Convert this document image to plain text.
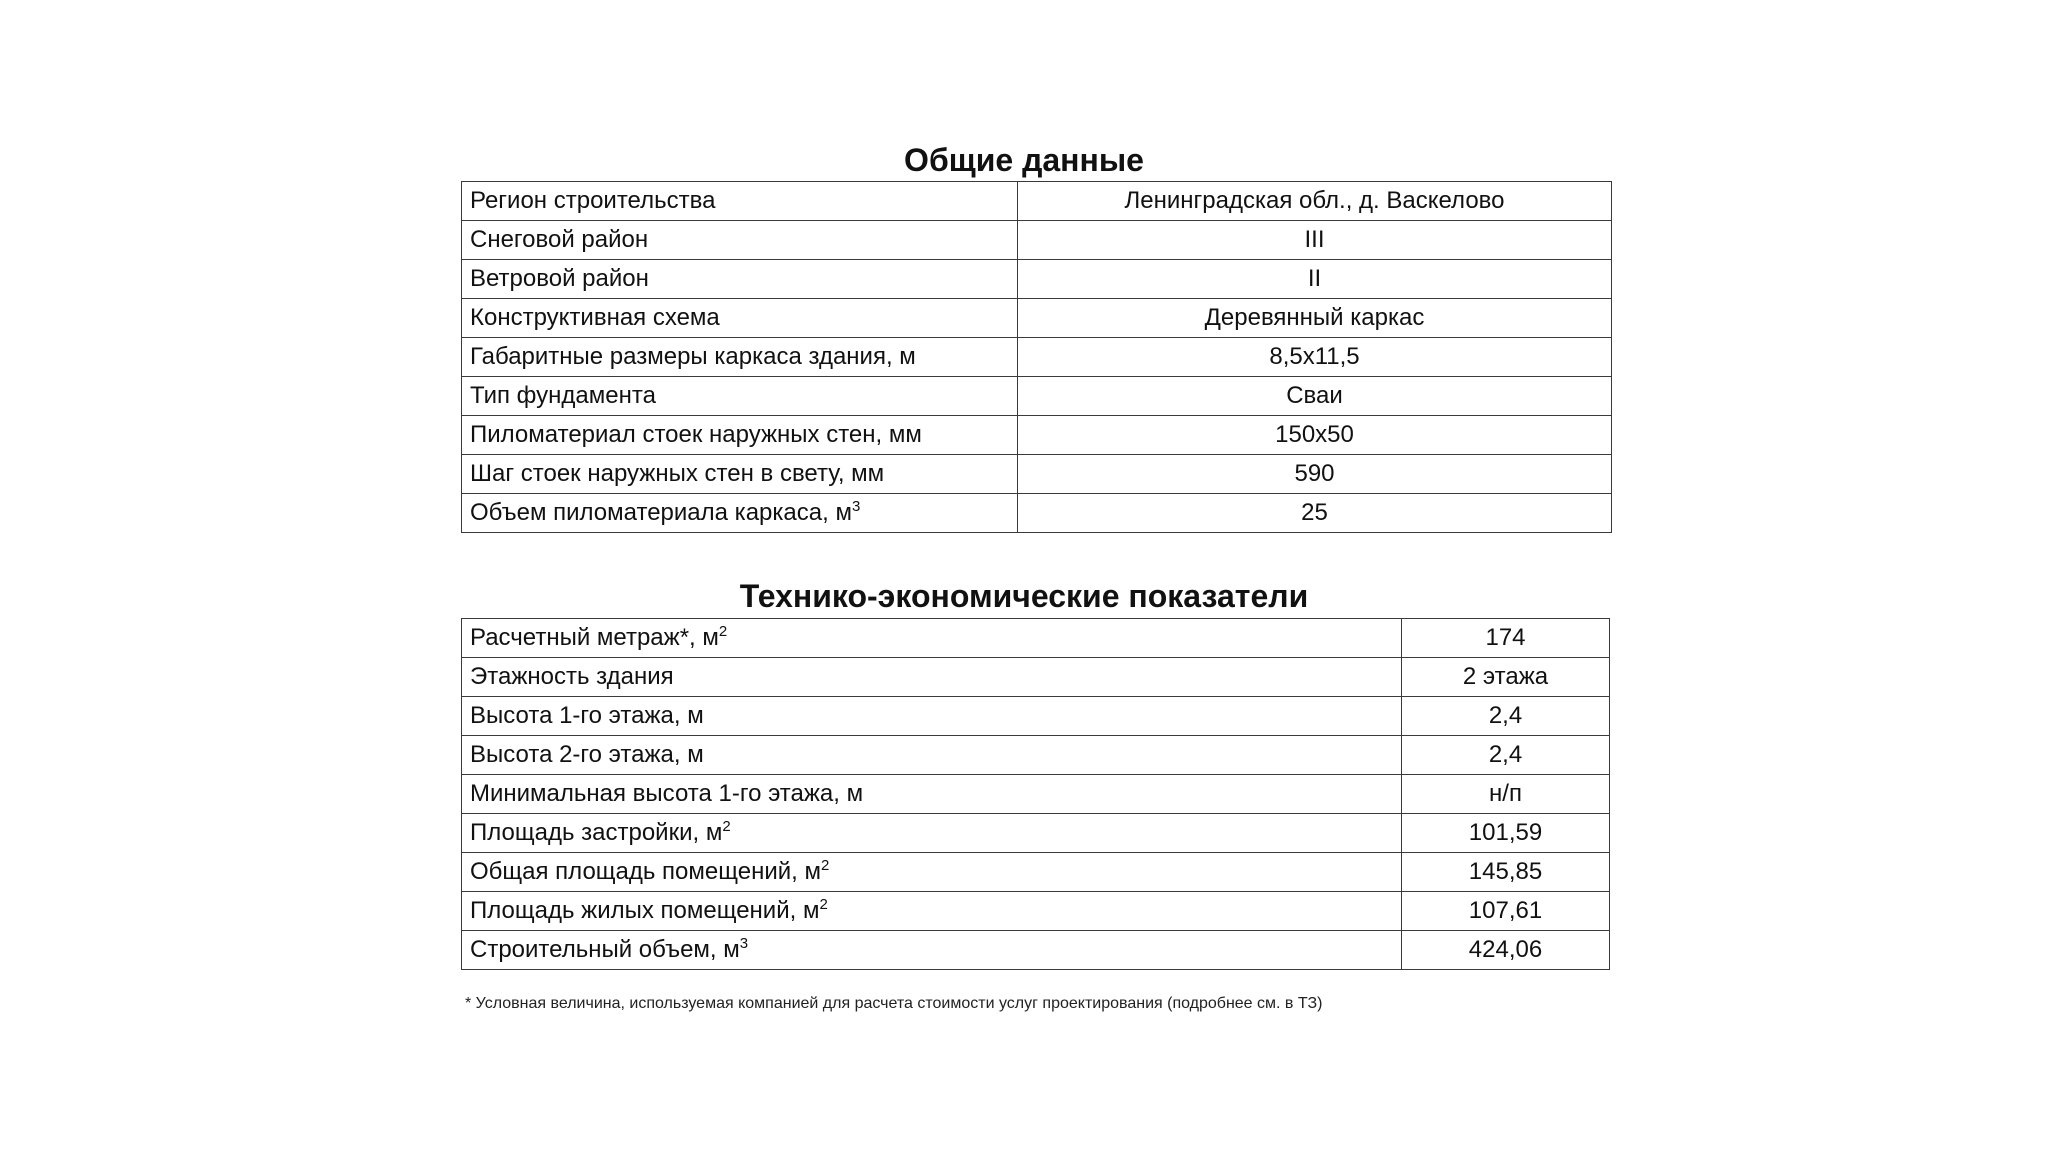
Общие данные
Регион строительства	Ленинградская обл., д. Васкелово
Снеговой район	III
Ветровой район	II
Конструктивная схема	Деревянный каркас
Габаритные размеры каркаса здания, м	8,5x11,5
Тип фундамента	Сваи
Пиломатериал стоек наружных стен, мм	150x50
Шаг стоек наружных стен в свету, мм	590
Объем пиломатериала каркаса, $м^3$	25
Технико-экономические показатели
Расчетный метраж*, $м^2$	174
Этажность здания	2 этажа
Высота 1-го этажа, м	2,4
Высота 2-го этажа, м	2,4
Минимальная высота 1-го этажа, м	н/п
Площадь застройки, $м^2$	101,59
Общая площадь помещений, $м^2$	145,85
Площадь жилых помещений, $м^2$	107,61
Строительный объем, $м^3$	424,06
* Условная величина, используемая компанией для расчета стоимости услуг проектирования (подробнее см. в ТЗ)
